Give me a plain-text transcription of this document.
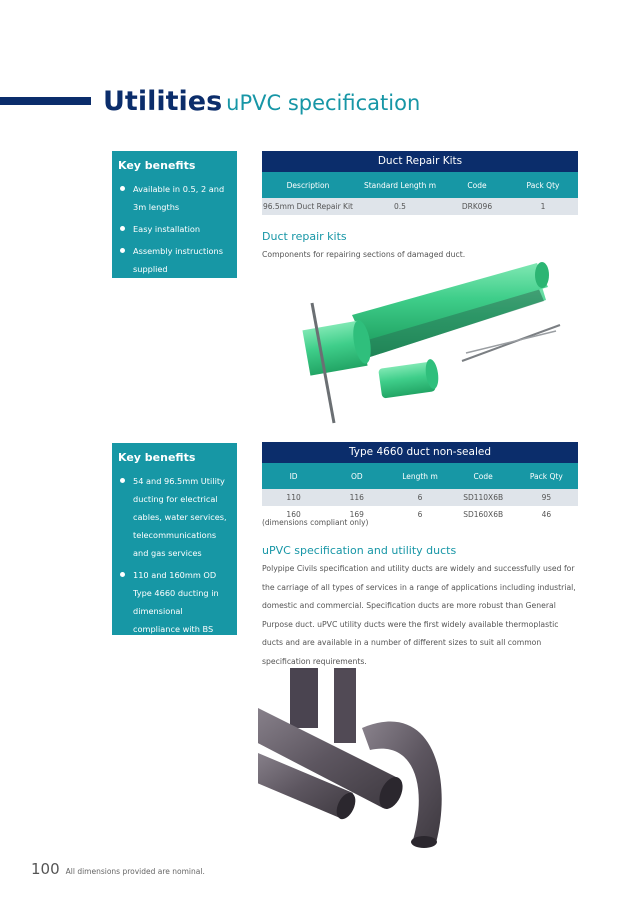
Utilities uPVC specification
Key benefits
Available in 0.5, 2 and 3m lengths
Easy installation
Assembly instructions supplied
Duct Repair Kits
Description	Standard Length m	Code	Pack Qty
96.5mm Duct Repair Kit	0.5	DRK096	1
Duct repair kits

Components for repairing sections of damaged duct.

Key benefits
54 and 96.5mm Utility ducting for electrical cables, water services, telecommunications and gas services
110 and 160mm OD Type 4660 ducting in dimensional compliance with BS 4660 available sealed and unsealed
Type 4660 duct non-sealed
ID	OD	Length m	Code	Pack Qty
110	116	6	SD110X6B	95
160	169	6	SD160X6B	46
(dimensions compliant only)
uPVC specification and utility ducts

Polypipe Civils specification and utility ducts are widely and successfully used for the carriage of all types of services in a range of applications including industrial, domestic and commercial. Specification ducts are more robust than General Purpose duct. uPVC utility ducts were the first widely available thermoplastic ducts and are available in a number of different sizes to suit all common specification requirements.

100 All dimensions provided are nominal.
